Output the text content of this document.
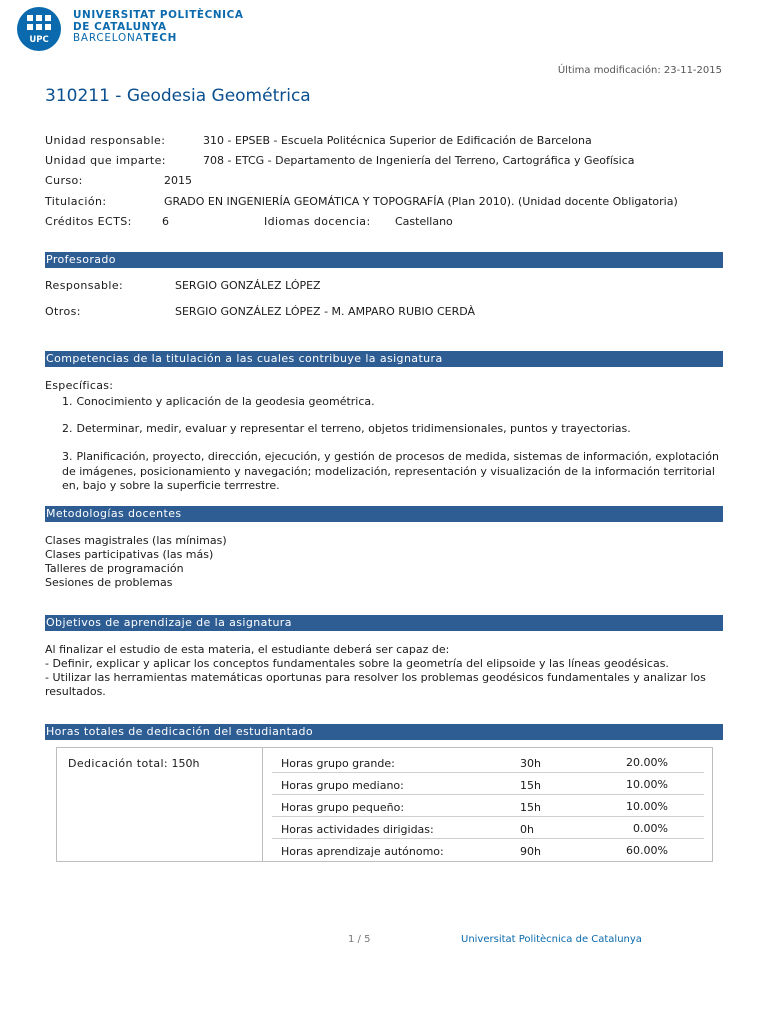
UPC
UNIVERSITAT POLITÈCNICA
DE CATALUNYA
BARCELONATECH
Última modificación: 23-11-2015
310211 - Geodesia Geométrica
Unidad responsable:	310 - EPSEB - Escuela Politécnica Superior de Edificación de Barcelona
Unidad que imparte:	708 - ETCG - Departamento de Ingeniería del Terreno, Cartográfica y Geofísica
Curso:	2015
Titulación:	GRADO EN INGENIERÍA GEOMÁTICA Y TOPOGRAFÍA (Plan 2010). (Unidad docente Obligatoria)
Créditos ECTS:	6	Idiomas docencia: Castellano
Profesorado
Responsable:	SERGIO GONZÁLEZ LÓPEZ
Otros:	SERGIO GONZÁLEZ LÓPEZ - M. AMPARO RUBIO CERDÀ
Competencias de la titulación a las cuales contribuye la asignatura
Específicas:
1. Conocimiento y aplicación de la geodesia geométrica.
2. Determinar, medir, evaluar y representar el terreno, objetos tridimensionales, puntos y trayectorias.
3. Planificación, proyecto, dirección, ejecución, y gestión de procesos de medida, sistemas de información, explotación de imágenes, posicionamiento y navegación; modelización, representación y visualización de la información territorial en, bajo y sobre la superficie terrrestre.
Metodologías docentes
Clases magistrales (las mínimas)
Clases participativas (las más)
Talleres de programación
Sesiones de problemas
Objetivos de aprendizaje de la asignatura
Al finalizar el estudio de esta materia, el estudiante deberá ser capaz de:
- Definir, explicar y aplicar los conceptos fundamentales sobre la geometría del elipsoide y las líneas geodésicas.
- Utilizar las herramientas matemáticas oportunas para resolver los problemas geodésicos fundamentales y analizar los resultados.
Horas totales de dedicación del estudiantado
Dedicación total: 150h	Horas grupo grande:	30h	20.00%
Horas grupo mediano:	15h	10.00%
Horas grupo pequeño:	15h	10.00%
Horas actividades dirigidas:	0h	0.00%
Horas aprendizaje autónomo:	90h	60.00%
1 / 5	Universitat Politècnica de Catalunya
